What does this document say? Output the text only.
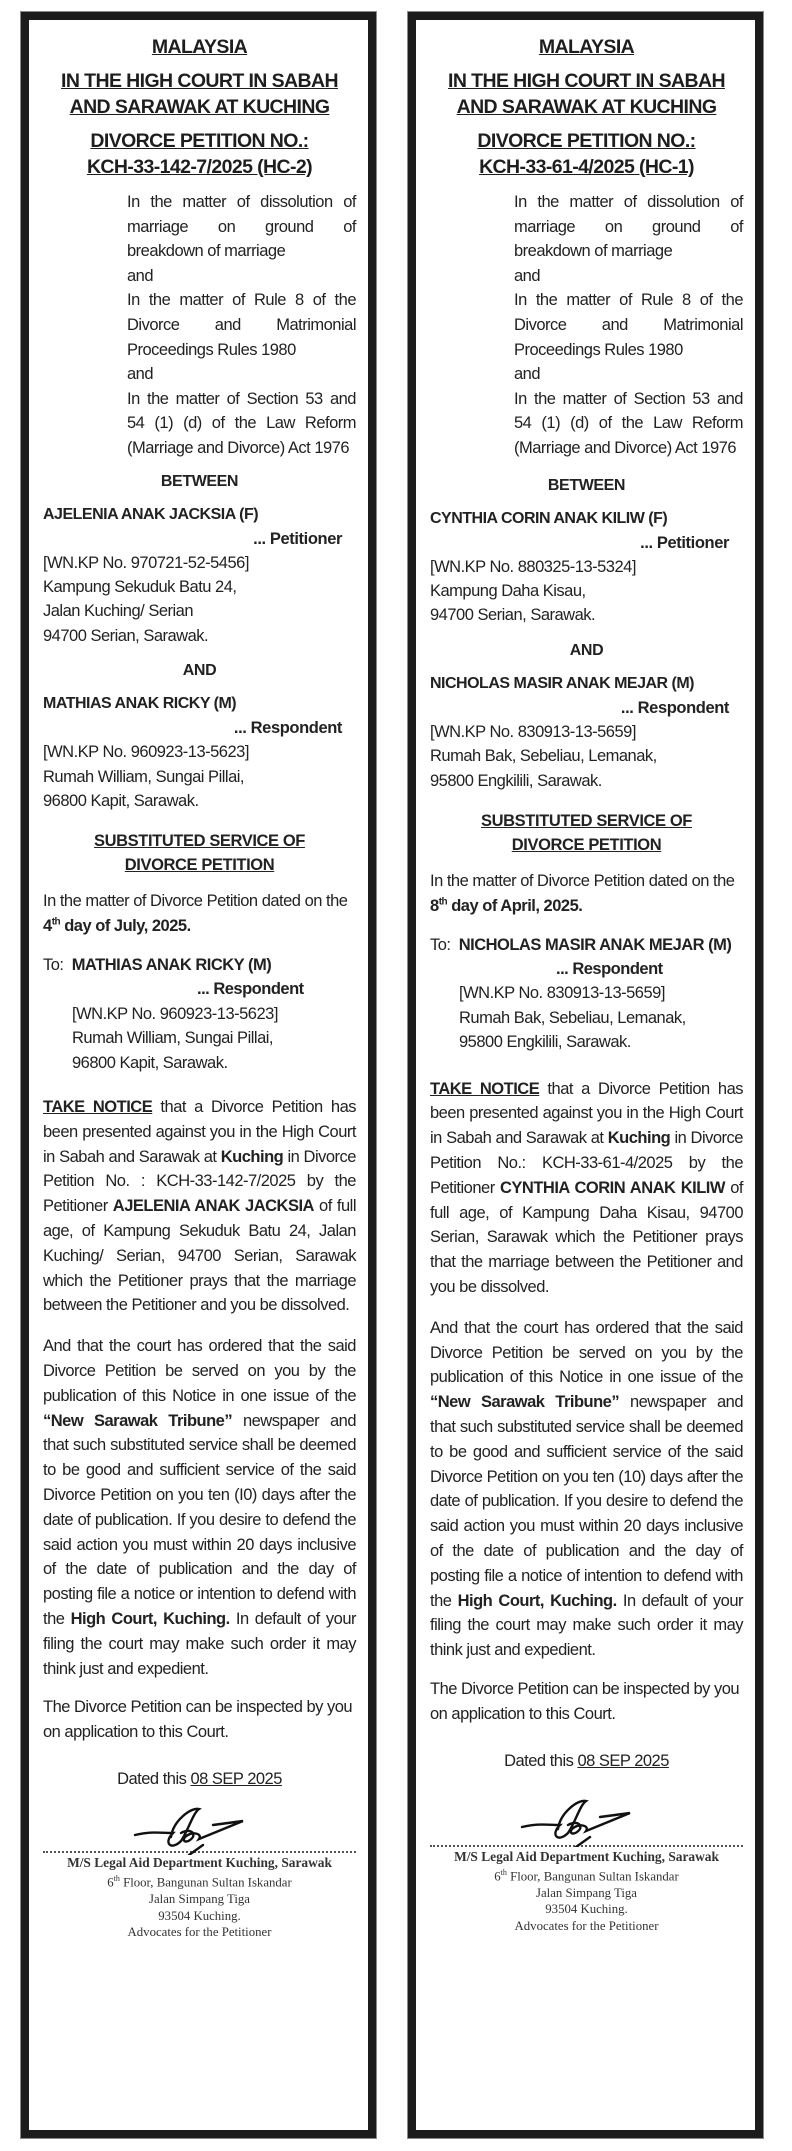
MALAYSIA
IN THE HIGH COURT IN SABAH
AND SARAWAK AT KUCHING
DIVORCE PETITION NO.:
KCH-33-142-7/2025 (HC-2)

In the matter of dissolution of marriage on ground of breakdown of marriage

and

In the matter of Rule 8 of the Divorce and Matrimonial Proceedings Rules 1980

and

In the matter of Section 53 and 54 (1) (d) of the Law Reform (Marriage and Divorce) Act 1976

BETWEEN
AJELENIA ANAK JACKSIA (F)
... Petitioner
[WN.KP No. 970721-52-5456]
Kampung Sekuduk Batu 24,
Jalan Kuching/ Serian
94700 Serian, Sarawak.
AND
MATHIAS ANAK RICKY (M)
... Respondent
[WN.KP No. 960923-13-5623]
Rumah William, Sungai Pillai,
96800 Kapit, Sarawak.
SUBSTITUTED SERVICE OF
DIVORCE PETITION

In the matter of Divorce Petition dated on the 4th day of July, 2025.

To: MATHIAS ANAK RICKY (M)
... Respondent
[WN.KP No. 960923-13-5623]
Rumah William, Sungai Pillai,
96800 Kapit, Sarawak.

TAKE NOTICE that a Divorce Petition has been presented against you in the High Court in Sabah and Sarawak at Kuching in Divorce Petition No. : KCH-33-142-7/2025 by the Petitioner AJELENIA ANAK JACKSIA of full age, of Kampung Sekuduk Batu 24, Jalan Kuching/ Serian, 94700 Serian, Sarawak which the Petitioner prays that the marriage between the Petitioner and you be dissolved.

And that the court has ordered that the said Divorce Petition be served on you by the publication of this Notice in one issue of the “New Sarawak Tribune” newspaper and that such substituted service shall be deemed to be good and sufficient service of the said Divorce Petition on you ten (I0) days after the date of publication. If you desire to defend the said action you must within 20 days inclusive of the date of publication and the day of posting file a notice or intention to defend with the High Court, Kuching. In default of your filing the court may make such order it may think just and expedient.

The Divorce Petition can be inspected by you on application to this Court.

Dated this 08 SEP 2025
M/S Legal Aid Department Kuching, Sarawak
6th Floor, Bangunan Sultan Iskandar
Jalan Simpang Tiga
93504 Kuching.
Advocates for the Petitioner
MALAYSIA
IN THE HIGH COURT IN SABAH
AND SARAWAK AT KUCHING
DIVORCE PETITION NO.:
KCH-33-61-4/2025 (HC-1)

In the matter of dissolution of marriage on ground of breakdown of marriage

and

In the matter of Rule 8 of the Divorce and Matrimonial Proceedings Rules 1980

and

In the matter of Section 53 and 54 (1) (d) of the Law Reform (Marriage and Divorce) Act 1976

BETWEEN
CYNTHIA CORIN ANAK KILIW (F)
... Petitioner
[WN.KP No. 880325-13-5324]
Kampung Daha Kisau,
94700 Serian, Sarawak.
AND
NICHOLAS MASIR ANAK MEJAR (M)
... Respondent
[WN.KP No. 830913-13-5659]
Rumah Bak, Sebeliau, Lemanak,
95800 Engkilili, Sarawak.
SUBSTITUTED SERVICE OF
DIVORCE PETITION

In the matter of Divorce Petition dated on the 8th day of April, 2025.

To: NICHOLAS MASIR ANAK MEJAR (M)
... Respondent
[WN.KP No. 830913-13-5659]
Rumah Bak, Sebeliau, Lemanak,
95800 Engkilili, Sarawak.

TAKE NOTICE that a Divorce Petition has been presented against you in the High Court in Sabah and Sarawak at Kuching in Divorce Petition No.: KCH-33-61-4/2025 by the Petitioner CYNTHIA CORIN ANAK KILIW of full age, of Kampung Daha Kisau, 94700 Serian, Sarawak which the Petitioner prays that the marriage between the Petitioner and you be dissolved.

And that the court has ordered that the said Divorce Petition be served on you by the publication of this Notice in one issue of the “New Sarawak Tribune” newspaper and that such substituted service shall be deemed to be good and sufficient service of the said Divorce Petition on you ten (10) days after the date of publication. If you desire to defend the said action you must within 20 days inclusive of the date of publication and the day of posting file a notice of intention to defend with the High Court, Kuching. In default of your filing the court may make such order it may think just and expedient.

The Divorce Petition can be inspected by you on application to this Court.

Dated this 08 SEP 2025
M/S Legal Aid Department Kuching, Sarawak
6th Floor, Bangunan Sultan Iskandar
Jalan Simpang Tiga
93504 Kuching.
Advocates for the Petitioner
